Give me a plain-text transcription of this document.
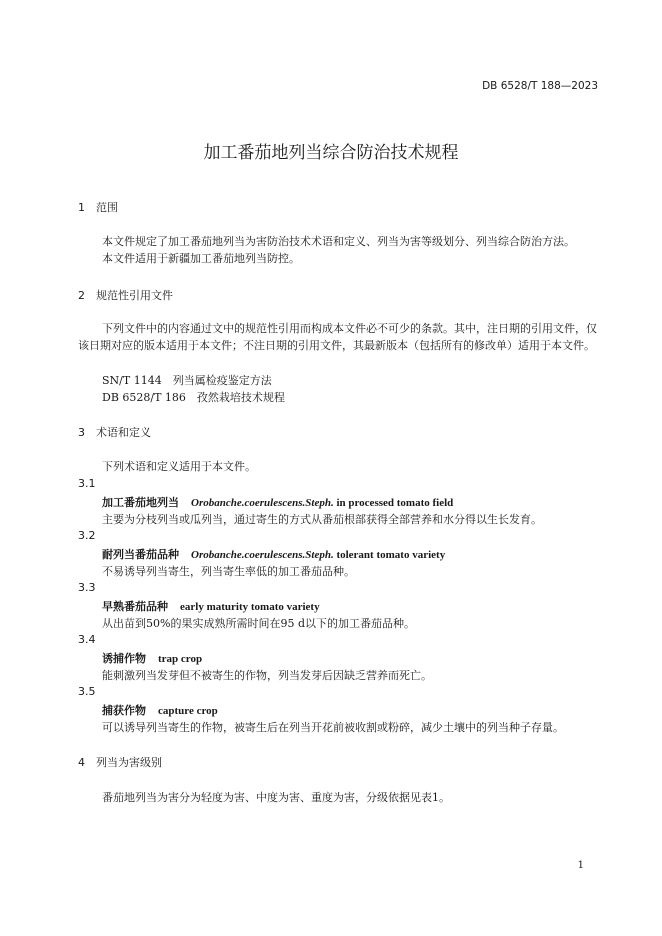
DB 6528/T 188—2023
加工番茄地列当综合防治技术规程
1 范围
本文件规定了加工番茄地列当为害防治技术术语和定义、列当为害等级划分、列当综合防治方法。
本文件适用于新疆加工番茄地列当防控。
2 规范性引用文件
下列文件中的内容通过文中的规范性引用而构成本文件必不可少的条款。其中，注日期的引用文件，仅该日期对应的版本适用于本文件；不注日期的引用文件，其最新版本（包括所有的修改单）适用于本文件。
SN/T 1144　列当属检疫鉴定方法
DB 6528/T 186　孜然栽培技术规程
3 术语和定义
下列术语和定义适用于本文件。
3.1
加工番茄地列当 Orobanche.coerulescens.Steph. in processed tomato field
主要为分枝列当或瓜列当，通过寄生的方式从番茄根部获得全部营养和水分得以生长发育。
3.2
耐列当番茄品种 Orobanche.coerulescens.Steph. tolerant tomato variety
不易诱导列当寄生，列当寄生率低的加工番茄品种。
3.3
早熟番茄品种 early maturity tomato variety
从出苗到50%的果实成熟所需时间在95 d以下的加工番茄品种。
3.4
诱捕作物 trap crop
能刺激列当发芽但不被寄生的作物，列当发芽后因缺乏营养而死亡。
3.5
捕获作物 capture crop
可以诱导列当寄生的作物，被寄生后在列当开花前被收割或粉碎，减少土壤中的列当种子存量。
4 列当为害级别
番茄地列当为害分为轻度为害、中度为害、重度为害，分级依据见表1。
1
